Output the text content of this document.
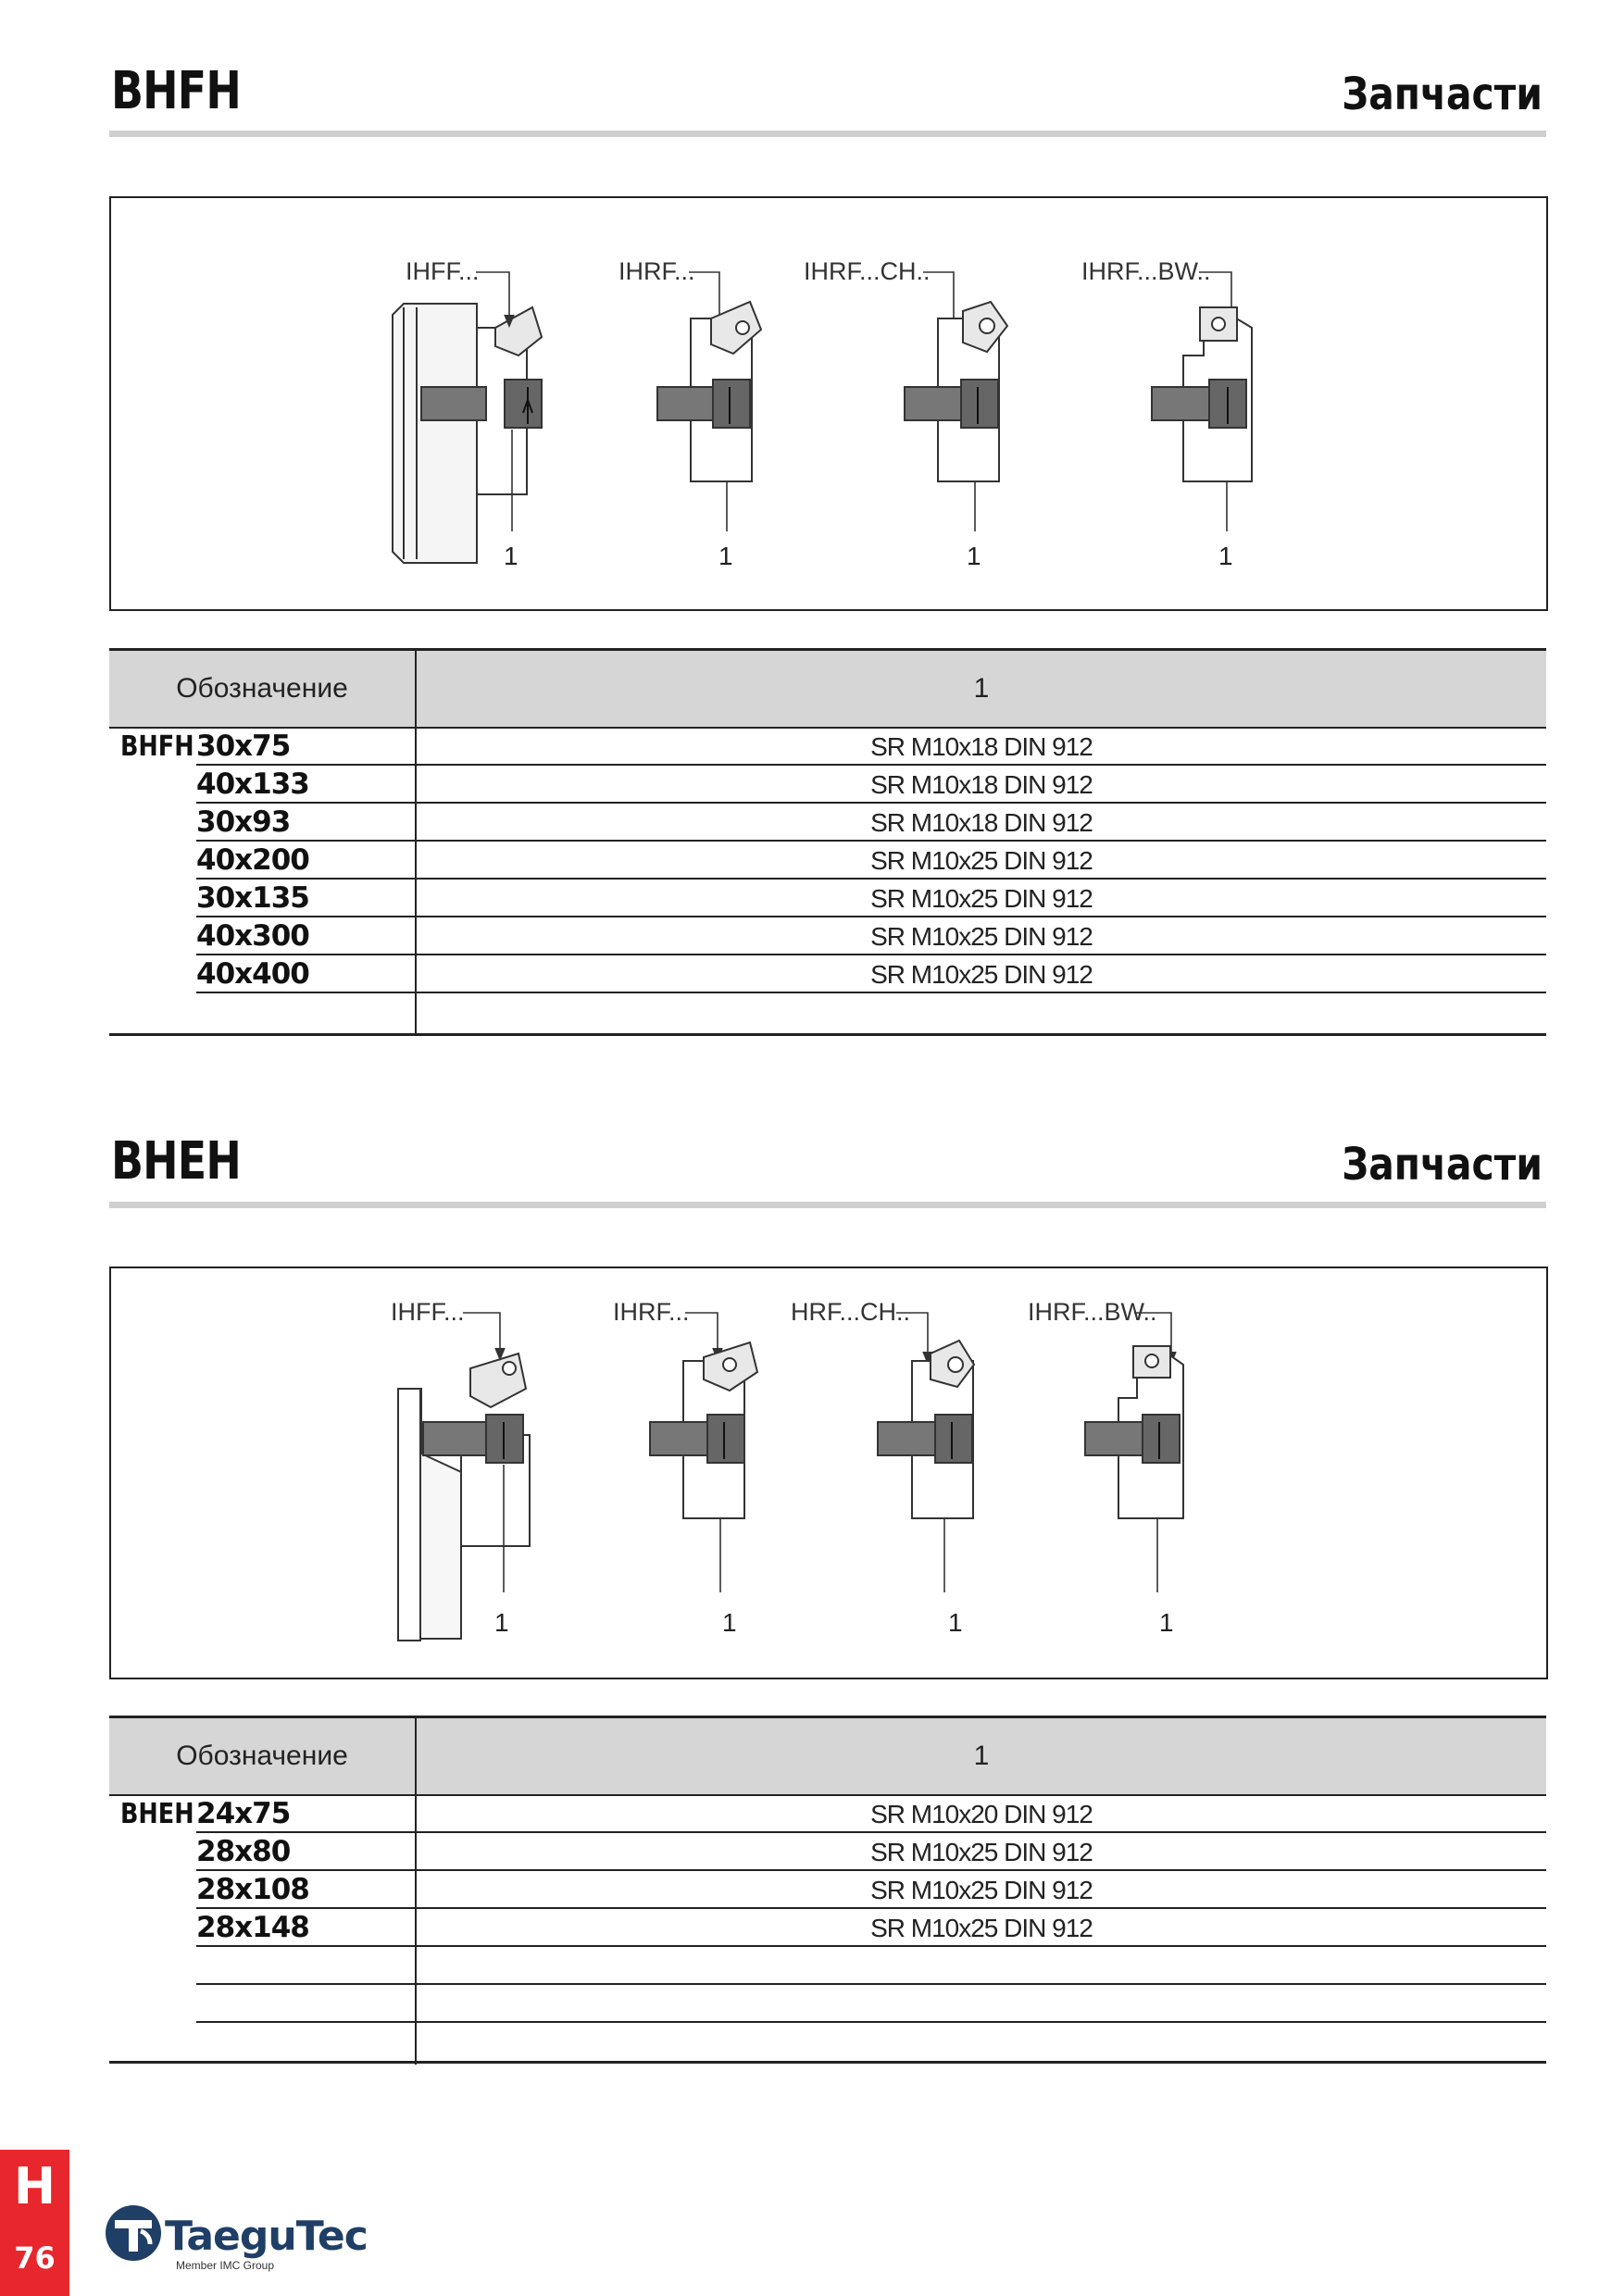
BHFH	Запчасти
IHFF...	IHRF...	IHRF...CH..	IHRF...BW..
1	1	1	1
Обозначение	1
BHFH 30x75	SR M10x18 DIN 912
40x133	SR M10x18 DIN 912
30x93	SR M10x18 DIN 912
40x200	SR M10x25 DIN 912
30x135	SR M10x25 DIN 912
40x300	SR M10x25 DIN 912
40x400	SR M10x25 DIN 912
BHEH	Запчасти
IHFF...	IHRF...	HRF...CH..	IHRF...BW..
1	1	1	1
Обозначение	1
BHEH 24x75	SR M10x20 DIN 912
28x80	SR M10x25 DIN 912
28x108	SR M10x25 DIN 912
28x148	SR M10x25 DIN 912
H
76	TaeguTec
Member IMC Group
